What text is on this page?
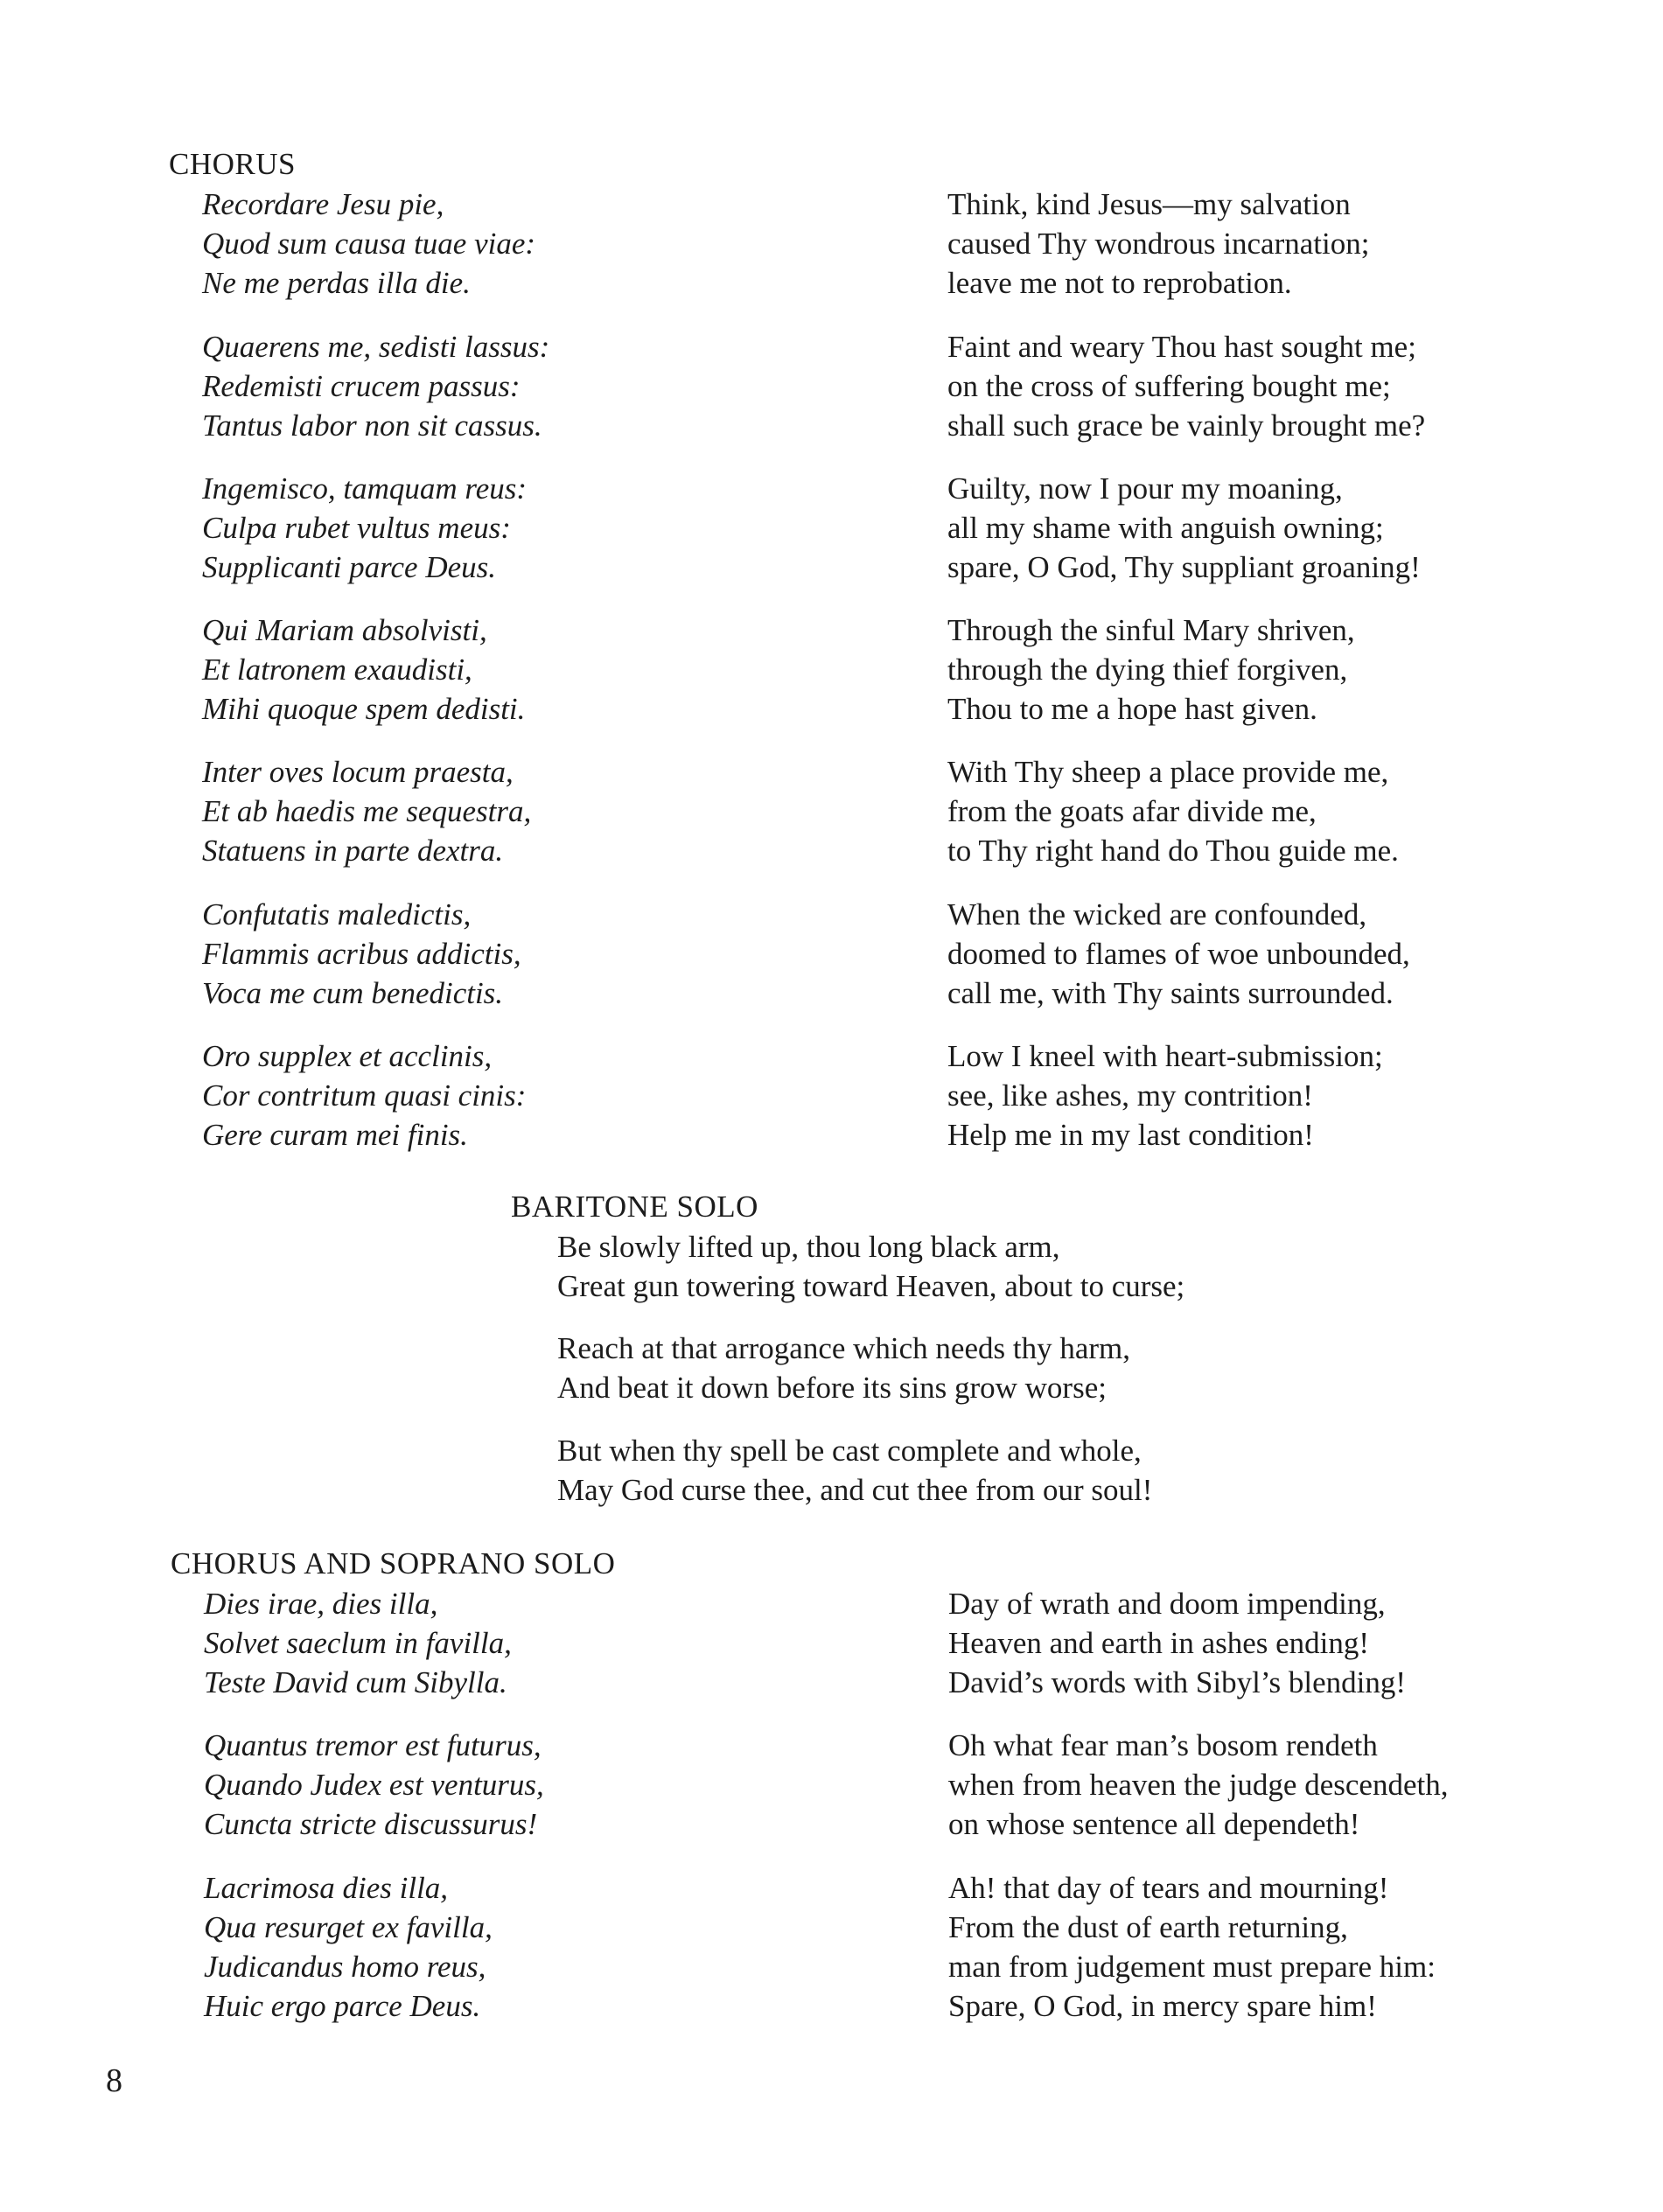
CHORUS
Recordare Jesu pie,
Quod sum causa tuae viae:
Ne me perdas illa die.
Think, kind Jesus—my salvation
caused Thy wondrous incarnation;
leave me not to reprobation.
Quaerens me, sedisti lassus:
Redemisti crucem passus:
Tantus labor non sit cassus.
Faint and weary Thou hast sought me;
on the cross of suffering bought me;
shall such grace be vainly brought me?
Ingemisco, tamquam reus:
Culpa rubet vultus meus:
Supplicanti parce Deus.
Guilty, now I pour my moaning,
all my shame with anguish owning;
spare, O God, Thy suppliant groaning!
Qui Mariam absolvisti,
Et latronem exaudisti,
Mihi quoque spem dedisti.
Through the sinful Mary shriven,
through the dying thief forgiven,
Thou to me a hope hast given.
Inter oves locum praesta,
Et ab haedis me sequestra,
Statuens in parte dextra.
With Thy sheep a place provide me,
from the goats afar divide me,
to Thy right hand do Thou guide me.
Confutatis maledictis,
Flammis acribus addictis,
Voca me cum benedictis.
When the wicked are confounded,
doomed to flames of woe unbounded,
call me, with Thy saints surrounded.
Oro supplex et acclinis,
Cor contritum quasi cinis:
Gere curam mei finis.
Low I kneel with heart-submission;
see, like ashes, my contrition!
Help me in my last condition!
BARITONE SOLO
Be slowly lifted up, thou long black arm,
Great gun towering toward Heaven, about to curse;
Reach at that arrogance which needs thy harm,
And beat it down before its sins grow worse;
But when thy spell be cast complete and whole,
May God curse thee, and cut thee from our soul!
CHORUS AND SOPRANO SOLO
Dies irae, dies illa,
Solvet saeclum in favilla,
Teste David cum Sibylla.
Day of wrath and doom impending,
Heaven and earth in ashes ending!
David’s words with Sibyl’s blending!
Quantus tremor est futurus,
Quando Judex est venturus,
Cuncta stricte discussurus!
Oh what fear man’s bosom rendeth
when from heaven the judge descendeth,
on whose sentence all dependeth!
Lacrimosa dies illa,
Qua resurget ex favilla,
Judicandus homo reus,
Huic ergo parce Deus.
Ah! that day of tears and mourning!
From the dust of earth returning,
man from judgement must prepare him:
Spare, O God, in mercy spare him!
8
